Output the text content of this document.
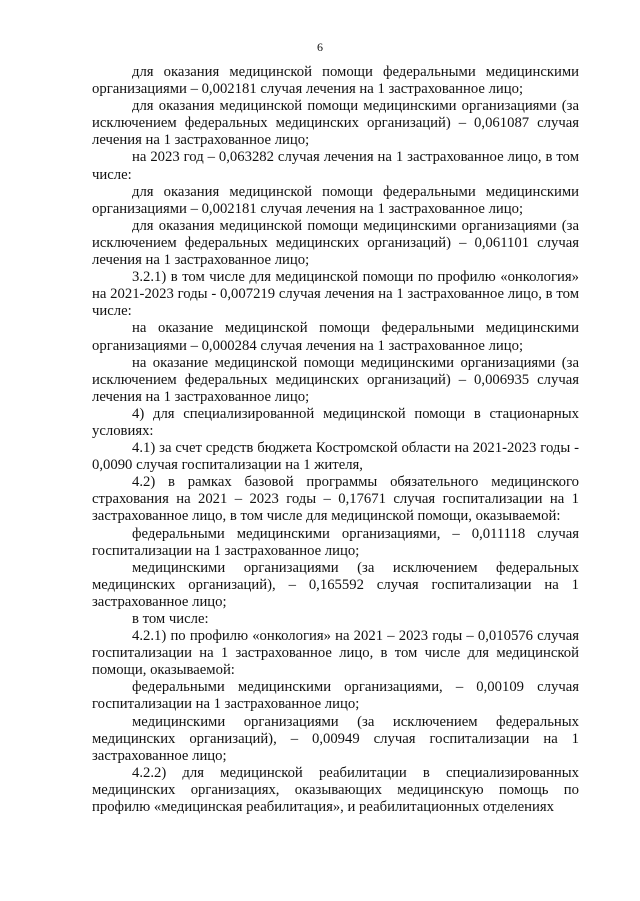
6

для оказания медицинской помощи федеральными медицинскими организациями – 0,002181 случая лечения на 1 застрахованное лицо;

для оказания медицинской помощи медицинскими организациями (за исключением федеральных медицинских организаций) – 0,061087 случая лечения на 1 застрахованное лицо;

на 2023 год – 0,063282 случая лечения на 1 застрахованное лицо, в том числе:

для оказания медицинской помощи федеральными медицинскими организациями – 0,002181 случая лечения на 1 застрахованное лицо;

для оказания медицинской помощи медицинскими организациями (за исключением федеральных медицинских организаций) – 0,061101 случая лечения на 1 застрахованное лицо;

3.2.1) в том числе для медицинской помощи по профилю «онкология» на 2021-2023 годы - 0,007219 случая лечения на 1 застрахованное лицо, в том числе:

на оказание медицинской помощи федеральными медицинскими организациями – 0,000284 случая лечения на 1 застрахованное лицо;

на оказание медицинской помощи медицинскими организациями (за исключением федеральных медицинских организаций) – 0,006935 случая лечения на 1 застрахованное лицо;

4) для специализированной медицинской помощи в стационарных условиях:

4.1) за счет средств бюджета Костромской области на 2021-2023 годы - 0,0090 случая госпитализации на 1 жителя,

4.2) в рамках базовой программы обязательного медицинского страхования на 2021 – 2023 годы – 0,17671 случая госпитализации на 1 застрахованное лицо, в том числе для медицинской помощи, оказываемой:

федеральными медицинскими организациями, – 0,011118 случая госпитализации на 1 застрахованное лицо;

медицинскими организациями (за исключением федеральных медицинских организаций), – 0,165592 случая госпитализации на 1 застрахованное лицо;

в том числе:

4.2.1) по профилю «онкология» на 2021 – 2023 годы – 0,010576 случая госпитализации на 1 застрахованное лицо, в том числе для медицинской помощи, оказываемой:

федеральными медицинскими организациями, – 0,00109 случая госпитализации на 1 застрахованное лицо;

медицинскими организациями (за исключением федеральных медицинских организаций), – 0,00949 случая госпитализации на 1 застрахованное лицо;

4.2.2) для медицинской реабилитации в специализированных медицинских организациях, оказывающих медицинскую помощь по профилю «медицинская реабилитация», и реабилитационных отделениях
